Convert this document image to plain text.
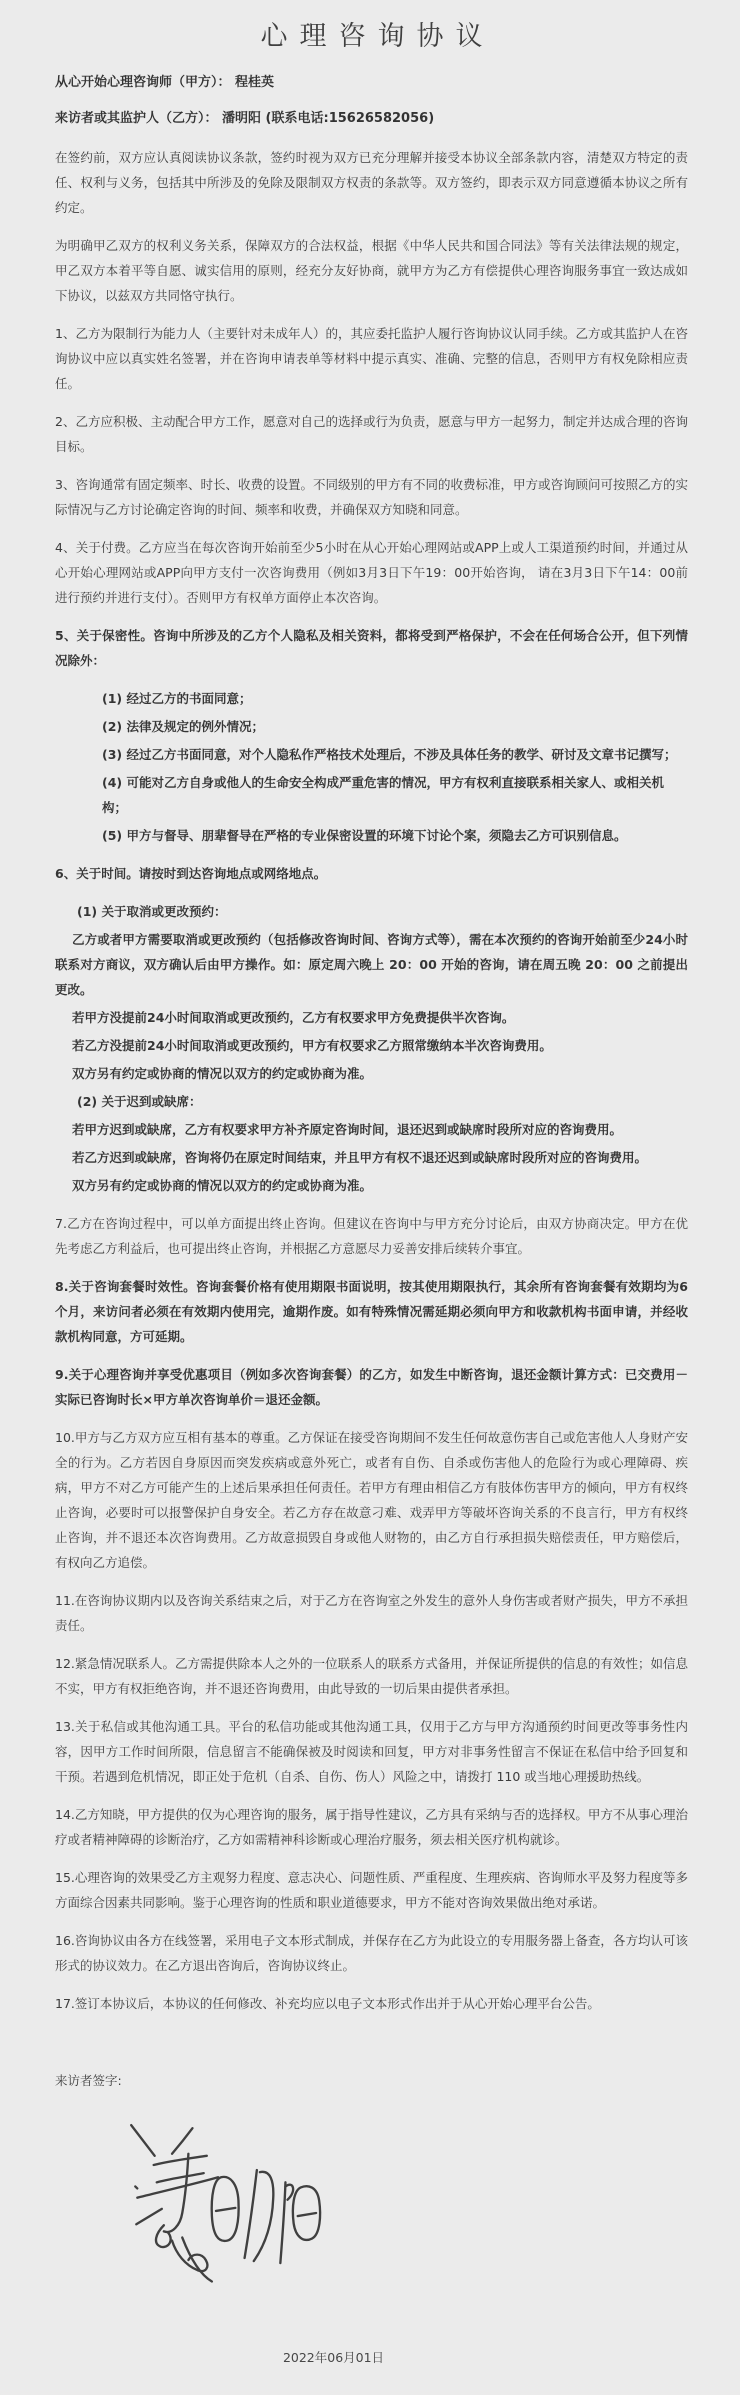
心理咨询协议
从心开始心理咨询师（甲方）： 程桂英
来访者或其监护人（乙方）： 潘明阳 (联系电话:15626582056)
在签约前，双方应认真阅读协议条款，签约时视为双方已充分理解并接受本协议全部条款内容，清楚双方特定的责任、权利与义务，包括其中所涉及的免除及限制双方权责的条款等。双方签约，即表示双方同意遵循本协议之所有约定。
为明确甲乙双方的权利义务关系，保障双方的合法权益，根据《中华人民共和国合同法》等有关法律法规的规定，甲乙双方本着平等自愿、诚实信用的原则，经充分友好协商，就甲方为乙方有偿提供心理咨询服务事宜一致达成如下协议，以兹双方共同恪守执行。
1、乙方为限制行为能力人（主要针对未成年人）的，其应委托监护人履行咨询协议认同手续。乙方或其监护人在咨询协议中应以真实姓名签署，并在咨询申请表单等材料中提示真实、准确、完整的信息，否则甲方有权免除相应责任。
2、乙方应积极、主动配合甲方工作，愿意对自己的选择或行为负责，愿意与甲方一起努力，制定并达成合理的咨询目标。
3、咨询通常有固定频率、时长、收费的设置。不同级别的甲方有不同的收费标准，甲方或咨询顾问可按照乙方的实际情况与乙方讨论确定咨询的时间、频率和收费，并确保双方知晓和同意。
4、关于付费。乙方应当在每次咨询开始前至少5小时在从心开始心理网站或APP上或人工渠道预约时间，并通过从心开始心理网站或APP向甲方支付一次咨询费用（例如3月3日下午19：00开始咨询， 请在3月3日下午14：00前进行预约并进行支付）。否则甲方有权单方面停止本次咨询。
5、关于保密性。咨询中所涉及的乙方个人隐私及相关资料，都将受到严格保护，不会在任何场合公开，但下列情况除外：
(1) 经过乙方的书面同意；
(2) 法律及规定的例外情况；
(3) 经过乙方书面同意，对个人隐私作严格技术处理后，不涉及具体任务的教学、研讨及文章书记撰写；
(4) 可能对乙方自身或他人的生命安全构成严重危害的情况，甲方有权利直接联系相关家人、或相关机构；
(5) 甲方与督导、朋辈督导在严格的专业保密设置的环境下讨论个案，须隐去乙方可识别信息。
6、关于时间。请按时到达咨询地点或网络地点。
(1) 关于取消或更改预约：
乙方或者甲方需要取消或更改预约（包括修改咨询时间、咨询方式等），需在本次预约的咨询开始前至少24小时联系对方商议，双方确认后由甲方操作。如：原定周六晚上 20：00 开始的咨询，请在周五晚 20：00 之前提出更改。
若甲方没提前24小时间取消或更改预约，乙方有权要求甲方免费提供半次咨询。
若乙方没提前24小时间取消或更改预约，甲方有权要求乙方照常缴纳本半次咨询费用。
双方另有约定或协商的情况以双方的约定或协商为准。
(2) 关于迟到或缺席：
若甲方迟到或缺席，乙方有权要求甲方补齐原定咨询时间，退还迟到或缺席时段所对应的咨询费用。
若乙方迟到或缺席，咨询将仍在原定时间结束，并且甲方有权不退还迟到或缺席时段所对应的咨询费用。
双方另有约定或协商的情况以双方的约定或协商为准。
7.乙方在咨询过程中，可以单方面提出终止咨询。但建议在咨询中与甲方充分讨论后，由双方协商决定。甲方在优先考虑乙方利益后，也可提出终止咨询，并根据乙方意愿尽力妥善安排后续转介事宜。
8.关于咨询套餐时效性。咨询套餐价格有使用期限书面说明，按其使用期限执行，其余所有咨询套餐有效期均为6个月，来访问者必须在有效期内使用完，逾期作废。如有特殊情况需延期必须向甲方和收款机构书面申请，并经收款机构同意，方可延期。
9.关于心理咨询并享受优惠项目（例如多次咨询套餐）的乙方，如发生中断咨询，退还金额计算方式：已交费用－实际已咨询时长×甲方单次咨询单价＝退还金额。
10.甲方与乙方双方应互相有基本的尊重。乙方保证在接受咨询期间不发生任何故意伤害自己或危害他人人身财产安全的行为。乙方若因自身原因而突发疾病或意外死亡，或者有自伤、自杀或伤害他人的危险行为或心理障碍、疾病，甲方不对乙方可能产生的上述后果承担任何责任。若甲方有理由相信乙方有肢体伤害甲方的倾向，甲方有权终止咨询，必要时可以报警保护自身安全。若乙方存在故意刁难、戏弄甲方等破坏咨询关系的不良言行，甲方有权终止咨询，并不退还本次咨询费用。乙方故意损毁自身或他人财物的，由乙方自行承担损失赔偿责任，甲方赔偿后，有权向乙方追偿。
11.在咨询协议期内以及咨询关系结束之后，对于乙方在咨询室之外发生的意外人身伤害或者财产损失，甲方不承担责任。
12.紧急情况联系人。乙方需提供除本人之外的一位联系人的联系方式备用，并保证所提供的信息的有效性；如信息不实，甲方有权拒绝咨询，并不退还咨询费用，由此导致的一切后果由提供者承担。
13.关于私信或其他沟通工具。平台的私信功能或其他沟通工具，仅用于乙方与甲方沟通预约时间更改等事务性内容，因甲方工作时间所限，信息留言不能确保被及时阅读和回复，甲方对非事务性留言不保证在私信中给予回复和干预。若遇到危机情况，即正处于危机（自杀、自伤、伤人）风险之中，请拨打 110 或当地心理援助热线。
14.乙方知晓，甲方提供的仅为心理咨询的服务，属于指导性建议，乙方具有采纳与否的选择权。甲方不从事心理治疗或者精神障碍的诊断治疗，乙方如需精神科诊断或心理治疗服务，须去相关医疗机构就诊。
15.心理咨询的效果受乙方主观努力程度、意志决心、问题性质、严重程度、生理疾病、咨询师水平及努力程度等多方面综合因素共同影响。鉴于心理咨询的性质和职业道德要求，甲方不能对咨询效果做出绝对承诺。
16.咨询协议由各方在线签署，采用电子文本形式制成，并保存在乙方为此设立的专用服务器上备查，各方均认可该形式的协议效力。在乙方退出咨询后，咨询协议终止。
17.签订本协议后，本协议的任何修改、补充均应以电子文本形式作出并于从心开始心理平台公告。
来访者签字:
2022年06月01日
